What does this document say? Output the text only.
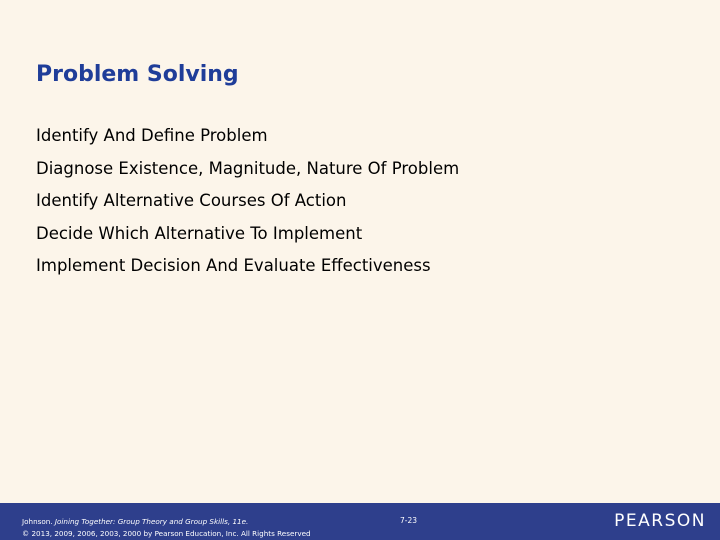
Problem Solving
Identify And Define Problem
Diagnose Existence, Magnitude, Nature Of Problem
Identify Alternative Courses Of Action
Decide Which Alternative To Implement
Implement Decision And Evaluate Effectiveness
Johnson. Joining Together: Group Theory and Group Skills, 11e.
© 2013, 2009, 2006, 2003, 2000 by Pearson Education, Inc. All Rights Reserved
7-23	PEARSON
